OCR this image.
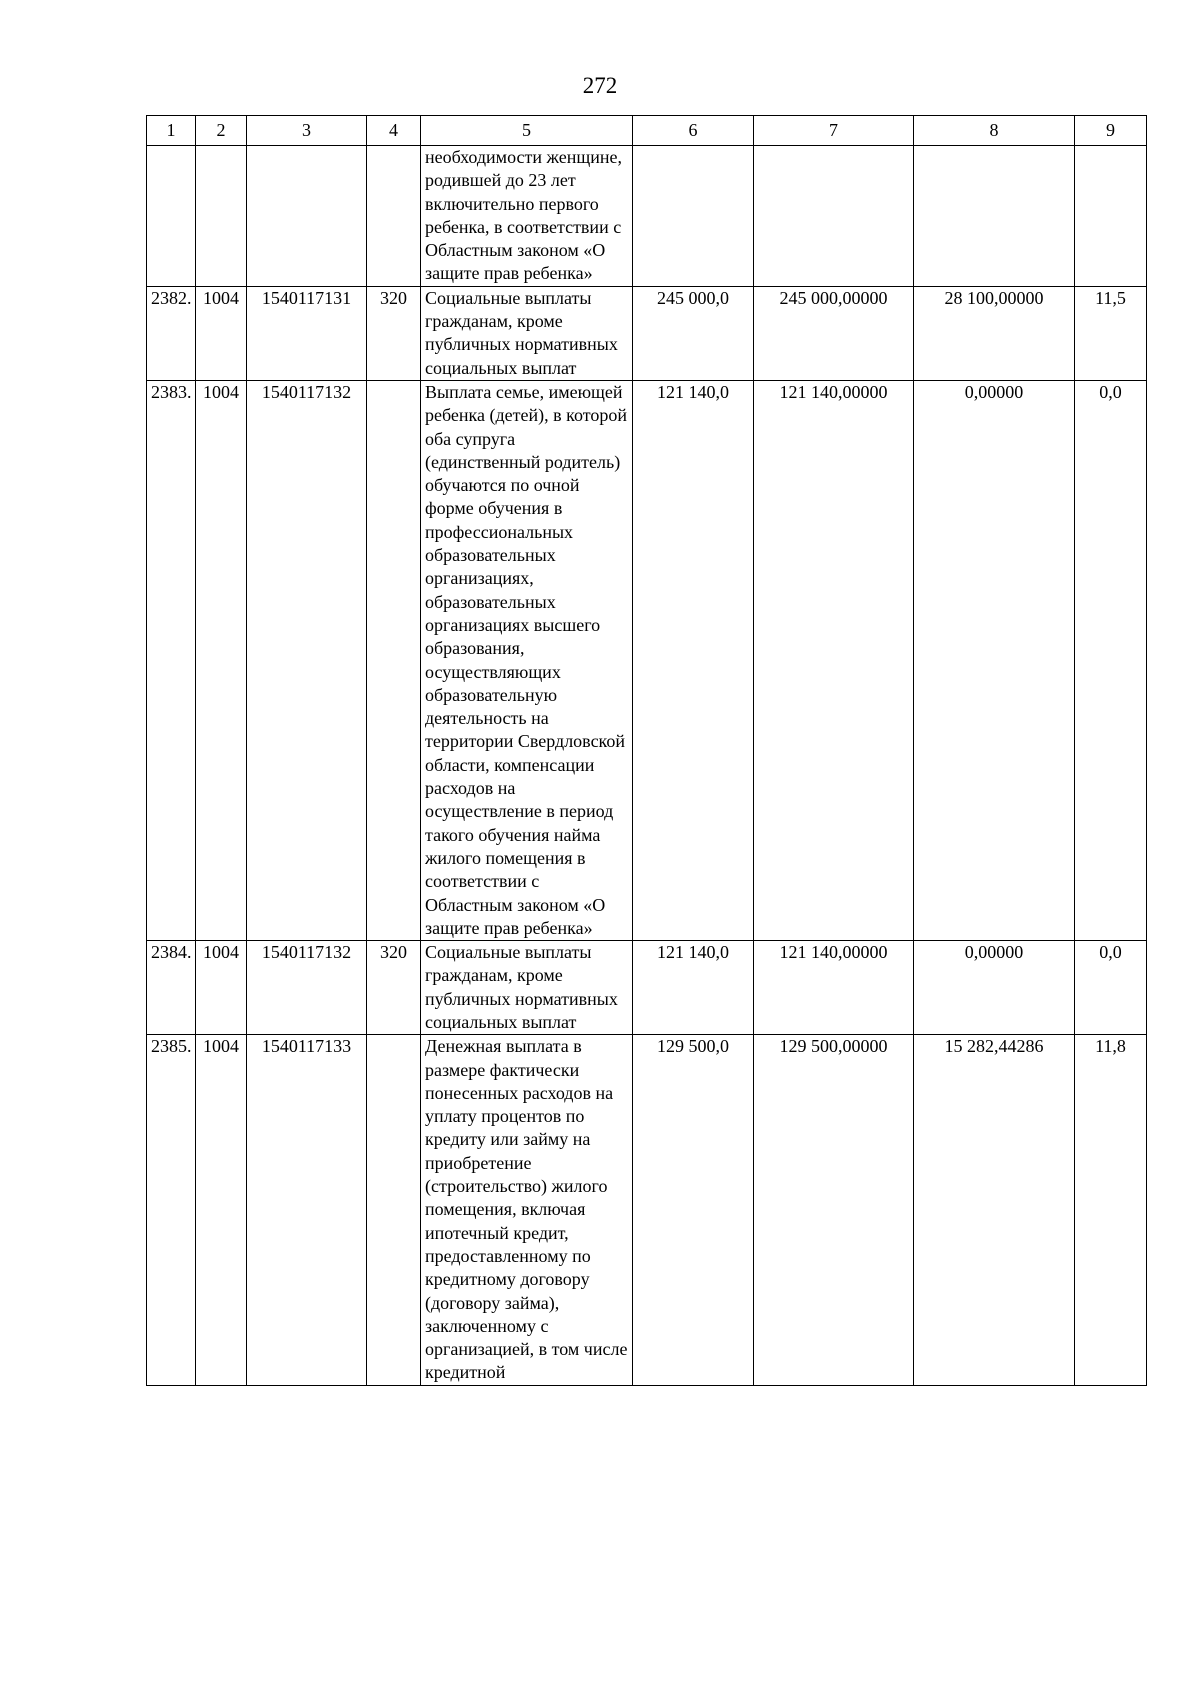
272
1	2	3	4	5	6	7	8	9
				необходимости женщине, родившей до 23 лет включительно первого ребенка, в соответствии с Областным законом «О защите прав ребенка»				
2382.	1004	1540117131	320	Социальные выплаты гражданам, кроме публичных нормативных социальных выплат	245 000,0	245 000,00000	28 100,00000	11,5
2383.	1004	1540117132		Выплата семье, имеющей ребенка (детей), в которой оба супруга (единственный родитель) обучаются по очной форме обучения в профессиональных образовательных организациях, образовательных организациях высшего образования, осуществляющих образовательную деятельность на территории Свердловской области, компенсации расходов на осуществление в период такого обучения найма жилого помещения в соответствии с Областным законом «О защите прав ребенка»	121 140,0	121 140,00000	0,00000	0,0
2384.	1004	1540117132	320	Социальные выплаты гражданам, кроме публичных нормативных социальных выплат	121 140,0	121 140,00000	0,00000	0,0
2385.	1004	1540117133		Денежная выплата в размере фактически понесенных расходов на уплату процентов по кредиту или займу на приобретение (строительство) жилого помещения, включая ипотечный кредит, предоставленному по кредитному договору (договору займа), заключенному с организацией, в том числе кредитной	129 500,0	129 500,00000	15 282,44286	11,8
